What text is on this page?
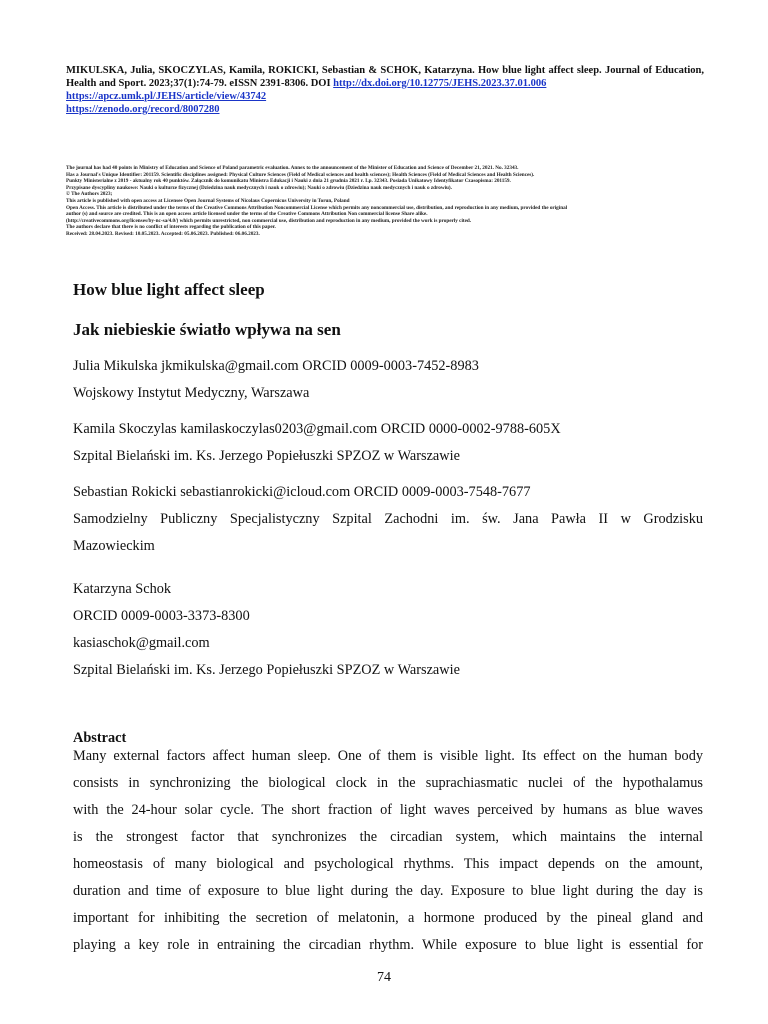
MIKULSKA, Julia, SKOCZYLAS, Kamila, ROKICKI, Sebastian & SCHOK, Katarzyna. How blue light affect sleep. Journal of Education, Health and Sport. 2023;37(1):74-79. eISSN 2391-8306. DOI http://dx.doi.org/10.12775/JEHS.2023.37.01.006
https://apcz.umk.pl/JEHS/article/view/43742
https://zenodo.org/record/8007280
The journal has had 40 points in Ministry of Education and Science of Poland parametric evaluation. Annex to the announcement of the Minister of Education and Science of December 21, 2021. No. 32343.
Has a Journal's Unique Identifier: 201159. Scientific disciplines assigned: Physical Culture Sciences (Field of Medical sciences and health sciences); Health Sciences (Field of Medical Sciences and Health Sciences).
Punkty Ministerialne z 2019 - aktualny rok 40 punktów. Załącznik do komunikatu Ministra Edukacji i Nauki z dnia 21 grudnia 2021 r. Lp. 32343. Posiada Unikatowy Identyfikator Czasopisma: 201159.
Przypisane dyscypliny naukowe: Nauki o kulturze fizycznej (Dziedzina nauk medycznych i nauk o zdrowiu); Nauki o zdrowiu (Dziedzina nauk medycznych i nauk o zdrowiu).
© The Authors 2023;
This article is published with open access at Licensee Open Journal Systems of Nicolaus Copernicus University in Torun, Poland
Open Access. This article is distributed under the terms of the Creative Commons Attribution Noncommercial License which permits any noncommercial use, distribution, and reproduction in any medium, provided the original
author (s) and source are credited. This is an open access article licensed under the terms of the Creative Commons Attribution Non commercial license Share alike.
(http://creativecommons.org/licenses/by-nc-sa/4.0/) which permits unrestricted, non commercial use, distribution and reproduction in any medium, provided the work is properly cited.
The authors declare that there is no conflict of interests regarding the publication of this paper.
Received: 28.04.2023. Revised: 10.05.2023. Accepted: 05.06.2023. Published: 06.06.2023.
How blue light affect sleep
Jak niebieskie światło wpływa na sen

Julia Mikulska jkmikulska@gmail.com ORCID 0009-0003-7452-8983

Wojskowy Instytut Medyczny, Warszawa

Kamila Skoczylas kamilaskoczylas0203@gmail.com ORCID 0000-0002-9788-605X

Szpital Bielański im. Ks. Jerzego Popiełuszki SPZOZ w Warszawie

Sebastian Rokicki sebastianrokicki@icloud.com ORCID 0009-0003-7548-7677

Samodzielny Publiczny Specjalistyczny Szpital Zachodni im. św. Jana Pawła II w Grodzisku

Mazowieckim

Katarzyna Schok

ORCID 0009-0003-3373-8300

kasiaschok@gmail.com

Szpital Bielański im. Ks. Jerzego Popiełuszki SPZOZ w Warszawie

Abstract
Many external factors affect human sleep. One of them is visible light. Its effect on the human body
consists in synchronizing the biological clock in the suprachiasmatic nuclei of the hypothalamus
with the 24-hour solar cycle. The short fraction of light waves perceived by humans as blue waves
is the strongest factor that synchronizes the circadian system, which maintains the internal
homeostasis of many biological and psychological rhythms. This impact depends on the amount,
duration and time of exposure to blue light during the day. Exposure to blue light during the day is
important for inhibiting the secretion of melatonin, a hormone produced by the pineal gland and
playing a key role in entraining the circadian rhythm. While exposure to blue light is essential for
74
